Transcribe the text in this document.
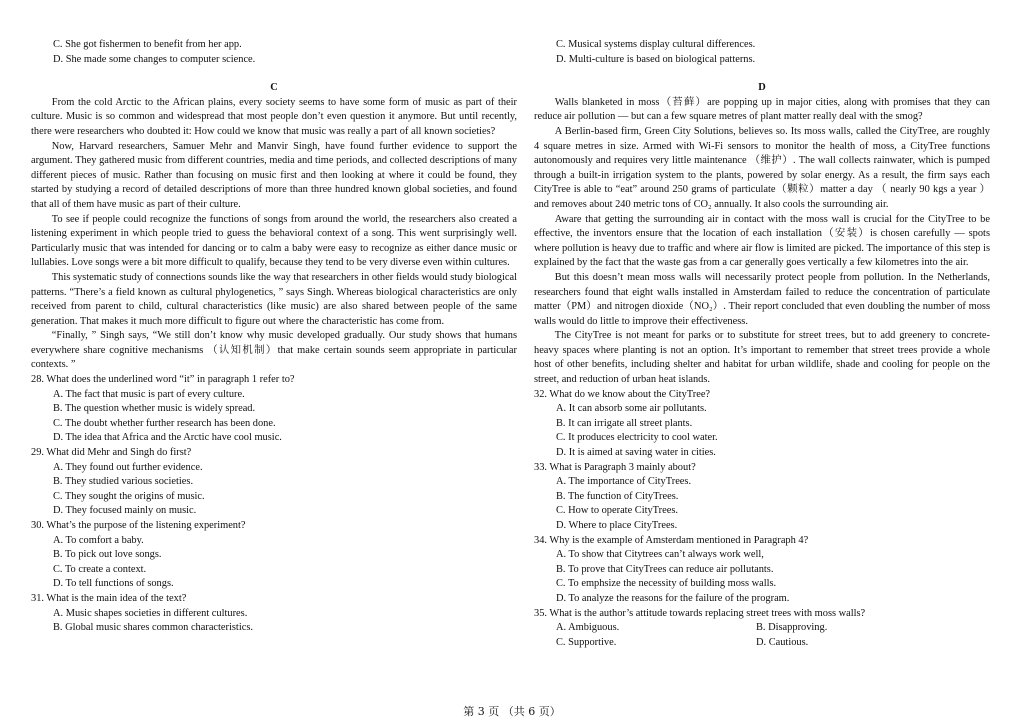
C. She got fishermen to benefit from her app.
D. She made some changes to computer science.
C

From the cold Arctic to the African plains, every society seems to have some form of music as part of their culture. Music is so common and widespread that most people don’t even question it anymore. But until recently, there were researchers who doubted it: How could we know that music was really a part of all known societies?

Now, Harvard researchers, Samuer Mehr and Manvir Singh, have found further evidence to support the argument. They gathered music from different countries, media and time periods, and collected descriptions of many different pieces of music. Rather than focusing on music first and then looking at where it could be found, they started by studying a record of detailed descriptions of more than three hundred known global societies, and found that all of them have music as part of their culture.

To see if people could recognize the functions of songs from around the world, the researchers also created a listening experiment in which people tried to guess the behavioral context of a song. This went surprisingly well. Particularly music that was intended for dancing or to calm a baby were easy to recognize as either dance music or lullabies. Love songs were a bit more difficult to qualify, because they tend to be very diverse even within cultures.

This systematic study of connections sounds like the way that researchers in other fields would study biological patterns. “There’s a field known as cultural phylogenetics, ” says Singh. Whereas biological characteristics are only received from parent to child, cultural characteristics (like music) are also shared between people of the same generation. That makes it much more difficult to figure out where the characteristic has come from.

“Finally, ” Singh says, “We still don’t know why music developed gradually. Our study shows that humans everywhere share cognitive mechanisms （认知机制）that make certain sounds seem appropriate in particular contexts. ”

28. What does the underlined word “it” in paragraph 1 refer to?

A. The fact that music is part of every culture.

B. The question whether music is widely spread.

C. The doubt whether further research has been done.

D. The idea that Africa and the Arctic have cool music.

29. What did Mehr and Singh do first?

A. They found out further evidence.

B. They studied various societies.

C. They sought the origins of music.

D. They focused mainly on music.

30. What’s the purpose of the listening experiment?

A. To comfort a baby.

B. To pick out love songs.

C. To create a context.

D. To tell functions of songs.

31. What is the main idea of the text?

A. Music shapes societies in different cultures.

B. Global music shares common characteristics.

C. Musical systems display cultural differences.
D. Multi-culture is based on biological patterns.
D

Walls blanketed in moss（苔藓）are popping up in major cities, along with promises that they can reduce air pollution — but can a few square metres of plant matter really deal with the smog?

A Berlin-based firm, Green City Solutions, believes so. Its moss walls, called the CityTree, are roughly 4 square metres in size. Armed with Wi-Fi sensors to monitor the health of moss, a CityTree functions autonomously and requires very little maintenance （维护）. The wall collects rainwater, which is pumped through a built-in irrigation system to the plants, powered by solar energy. As a result, the firm says each CityTree is able to “eat” around 250 grams of particulate（颗粒）matter a day （ nearly 90 kgs a year ） and removes about 240 metric tons of CO₂ annually. It also cools the surrounding air.

Aware that getting the surrounding air in contact with the moss wall is crucial for the CityTree to be effective, the inventors ensure that the location of each installation（安装）is chosen carefully — spots where pollution is heavy due to traffic and where air flow is limited are picked. The importance of this step is explained by the fact that the waste gas from a car generally goes vertically a few kilometres into the air.

But this doesn’t mean moss walls will necessarily protect people from pollution. In the Netherlands, researchers found that eight walls installed in Amsterdam failed to reduce the concentration of particulate matter（PM）and nitrogen dioxide（NO₂）. Their report concluded that even doubling the number of moss walls would do little to improve their effectiveness.

The CityTree is not meant for parks or to substitute for street trees, but to add greenery to concrete-heavy spaces where planting is not an option. It’s important to remember that street trees provide a whole host of other benefits, including shelter and habitat for urban wildlife, shade and cooling for people on the street, and reduction of urban heat islands.

32. What do we know about the CityTree?

A. It can absorb some air pollutants.

B. It can irrigate all street plants.

C. It produces electricity to cool water.

D. It is aimed at saving water in cities.

33. What is Paragraph 3 mainly about?

A. The importance of CityTrees.

B. The function of CityTrees.

C. How to operate CityTrees.

D. Where to place CityTrees.

34. Why is the example of Amsterdam mentioned in Paragraph 4?

A. To show that Citytrees can’t always work well,

B. To prove that CityTrees can reduce air pollutants.

C. To emphsize the necessity of building moss walls.

D. To analyze the reasons for the failure of the program.

35. What is the author’s attitude towards replacing street trees with moss walls?

A. Ambiguous.	B. Disapproving.
C. Supportive.	D. Cautious.
第 3 页 （共 6 页）
